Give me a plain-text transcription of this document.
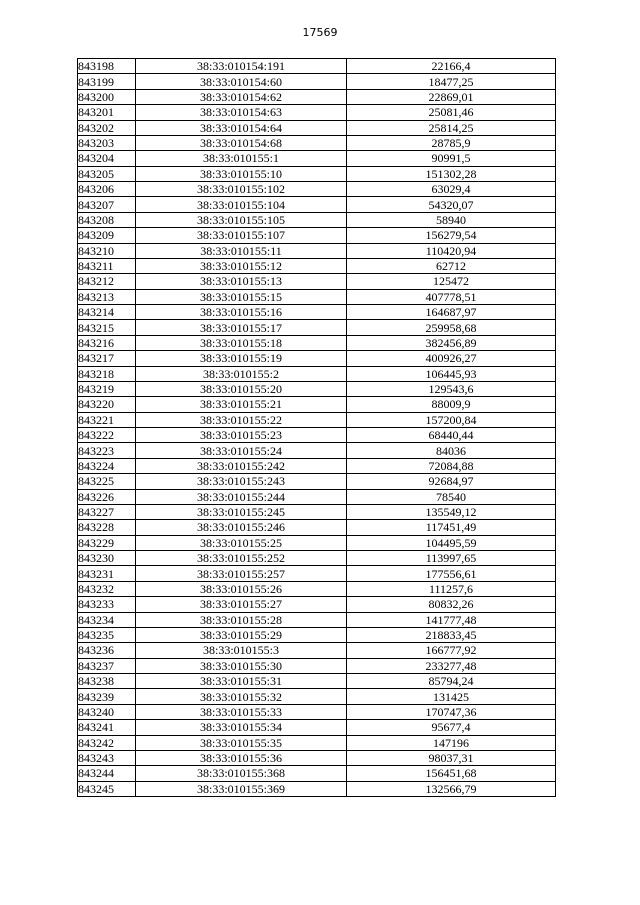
17569
843198	38:33:010154:191	22166,4
843199	38:33:010154:60	18477,25
843200	38:33:010154:62	22869,01
843201	38:33:010154:63	25081,46
843202	38:33:010154:64	25814,25
843203	38:33:010154:68	28785,9
843204	38:33:010155:1	90991,5
843205	38:33:010155:10	151302,28
843206	38:33:010155:102	63029,4
843207	38:33:010155:104	54320,07
843208	38:33:010155:105	58940
843209	38:33:010155:107	156279,54
843210	38:33:010155:11	110420,94
843211	38:33:010155:12	62712
843212	38:33:010155:13	125472
843213	38:33:010155:15	407778,51
843214	38:33:010155:16	164687,97
843215	38:33:010155:17	259958,68
843216	38:33:010155:18	382456,89
843217	38:33:010155:19	400926,27
843218	38:33:010155:2	106445,93
843219	38:33:010155:20	129543,6
843220	38:33:010155:21	88009,9
843221	38:33:010155:22	157200,84
843222	38:33:010155:23	68440,44
843223	38:33:010155:24	84036
843224	38:33:010155:242	72084,88
843225	38:33:010155:243	92684,97
843226	38:33:010155:244	78540
843227	38:33:010155:245	135549,12
843228	38:33:010155:246	117451,49
843229	38:33:010155:25	104495,59
843230	38:33:010155:252	113997,65
843231	38:33:010155:257	177556,61
843232	38:33:010155:26	111257,6
843233	38:33:010155:27	80832,26
843234	38:33:010155:28	141777,48
843235	38:33:010155:29	218833,45
843236	38:33:010155:3	166777,92
843237	38:33:010155:30	233277,48
843238	38:33:010155:31	85794,24
843239	38:33:010155:32	131425
843240	38:33:010155:33	170747,36
843241	38:33:010155:34	95677,4
843242	38:33:010155:35	147196
843243	38:33:010155:36	98037,31
843244	38:33:010155:368	156451,68
843245	38:33:010155:369	132566,79
